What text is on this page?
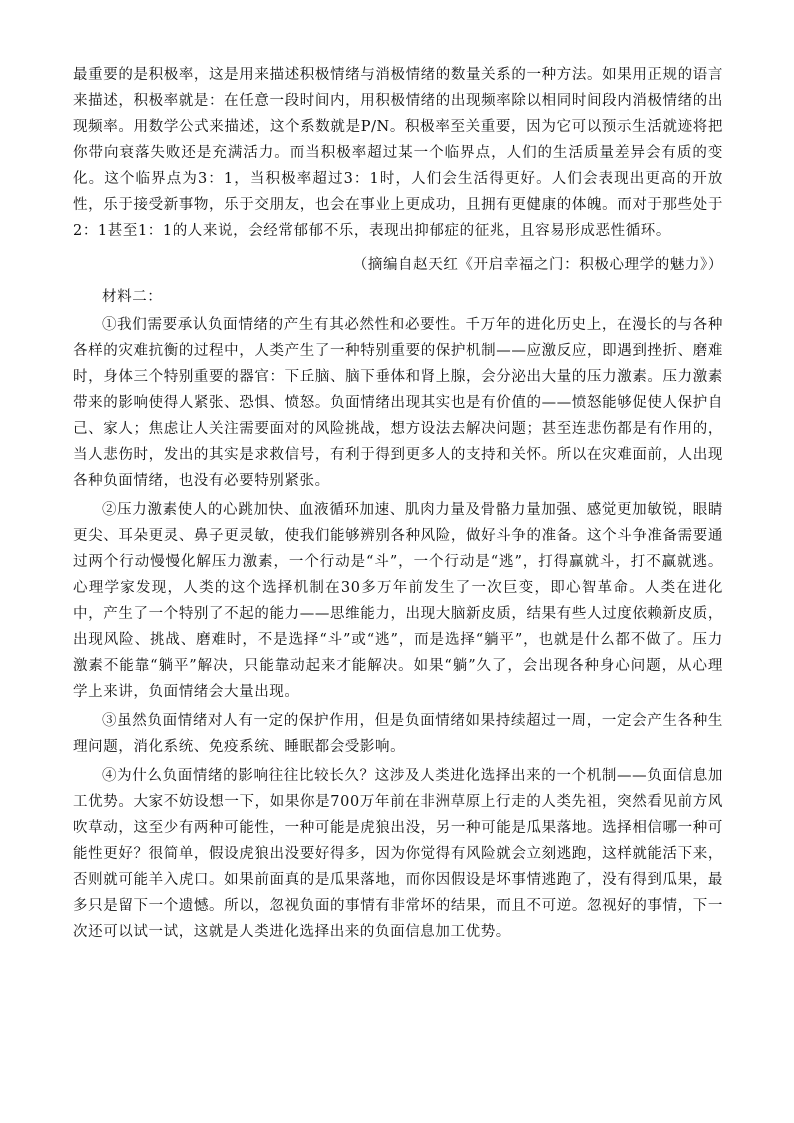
最重要的是积极率，这是用来描述积极情绪与消极情绪的数量关系的一种方法。如果用正规的语言来描述，积极率就是：在任意一段时间内，用积极情绪的出现频率除以相同时间段内消极情绪的出现频率。用数学公式来描述，这个系数就是P/N。积极率至关重要，因为它可以预示生活就迹将把你带向衰落失败还是充满活力。而当积极率超过某一个临界点，人们的生活质量差异会有质的变化。这个临界点为3：1，当积极率超过3：1时，人们会生活得更好。人们会表现出更高的开放性，乐于接受新事物，乐于交朋友，也会在事业上更成功，且拥有更健康的体魄。而对于那些处于2：1甚至1：1的人来说，会经常郁郁不乐，表现出抑郁症的征兆，且容易形成恶性循环。

（摘编自赵天红《开启幸福之门：积极心理学的魅力》）

材料二：

①我们需要承认负面情绪的产生有其必然性和必要性。千万年的进化历史上，在漫长的与各种各样的灾难抗衡的过程中，人类产生了一种特别重要的保护机制——应激反应，即遇到挫折、磨难时，身体三个特别重要的器官：下丘脑、脑下垂体和肾上腺，会分泌出大量的压力激素。压力激素带来的影响使得人紧张、恐惧、愤怒。负面情绪出现其实也是有价值的——愤怒能够促使人保护自己、家人；焦虑让人关注需要面对的风险挑战，想方设法去解决问题；甚至连悲伤都是有作用的，当人悲伤时，发出的其实是求救信号，有利于得到更多人的支持和关怀。所以在灾难面前，人出现各种负面情绪，也没有必要特别紧张。

②压力激素使人的心跳加快、血液循环加速、肌肉力量及骨骼力量加强、感觉更加敏锐，眼睛更尖、耳朵更灵、鼻子更灵敏，使我们能够辨别各种风险，做好斗争的准备。这个斗争准备需要通过两个行动慢慢化解压力激素，一个行动是“斗”，一个行动是“逃”，打得赢就斗，打不赢就逃。心理学家发现，人类的这个选择机制在30多万年前发生了一次巨变，即心智革命。人类在进化中，产生了一个特别了不起的能力——思维能力，出现大脑新皮质，结果有些人过度依赖新皮质，出现风险、挑战、磨难时，不是选择“斗”或“逃”，而是选择“躺平”，也就是什么都不做了。压力激素不能靠“躺平”解决，只能靠动起来才能解决。如果“躺”久了，会出现各种身心问题，从心理学上来讲，负面情绪会大量出现。

③虽然负面情绪对人有一定的保护作用，但是负面情绪如果持续超过一周，一定会产生各种生理问题，消化系统、免疫系统、睡眠都会受影响。

④为什么负面情绪的影响往往比较长久？这涉及人类进化选择出来的一个机制——负面信息加工优势。大家不妨设想一下，如果你是700万年前在非洲草原上行走的人类先祖，突然看见前方风吹草动，这至少有两种可能性，一种可能是虎狼出没，另一种可能是瓜果落地。选择相信哪一种可能性更好？很简单，假设虎狼出没要好得多，因为你觉得有风险就会立刻逃跑，这样就能活下来，否则就可能羊入虎口。如果前面真的是瓜果落地，而你因假设是坏事情逃跑了，没有得到瓜果，最多只是留下一个遗憾。所以，忽视负面的事情有非常坏的结果，而且不可逆。忽视好的事情，下一次还可以试一试，这就是人类进化选择出来的负面信息加工优势。
